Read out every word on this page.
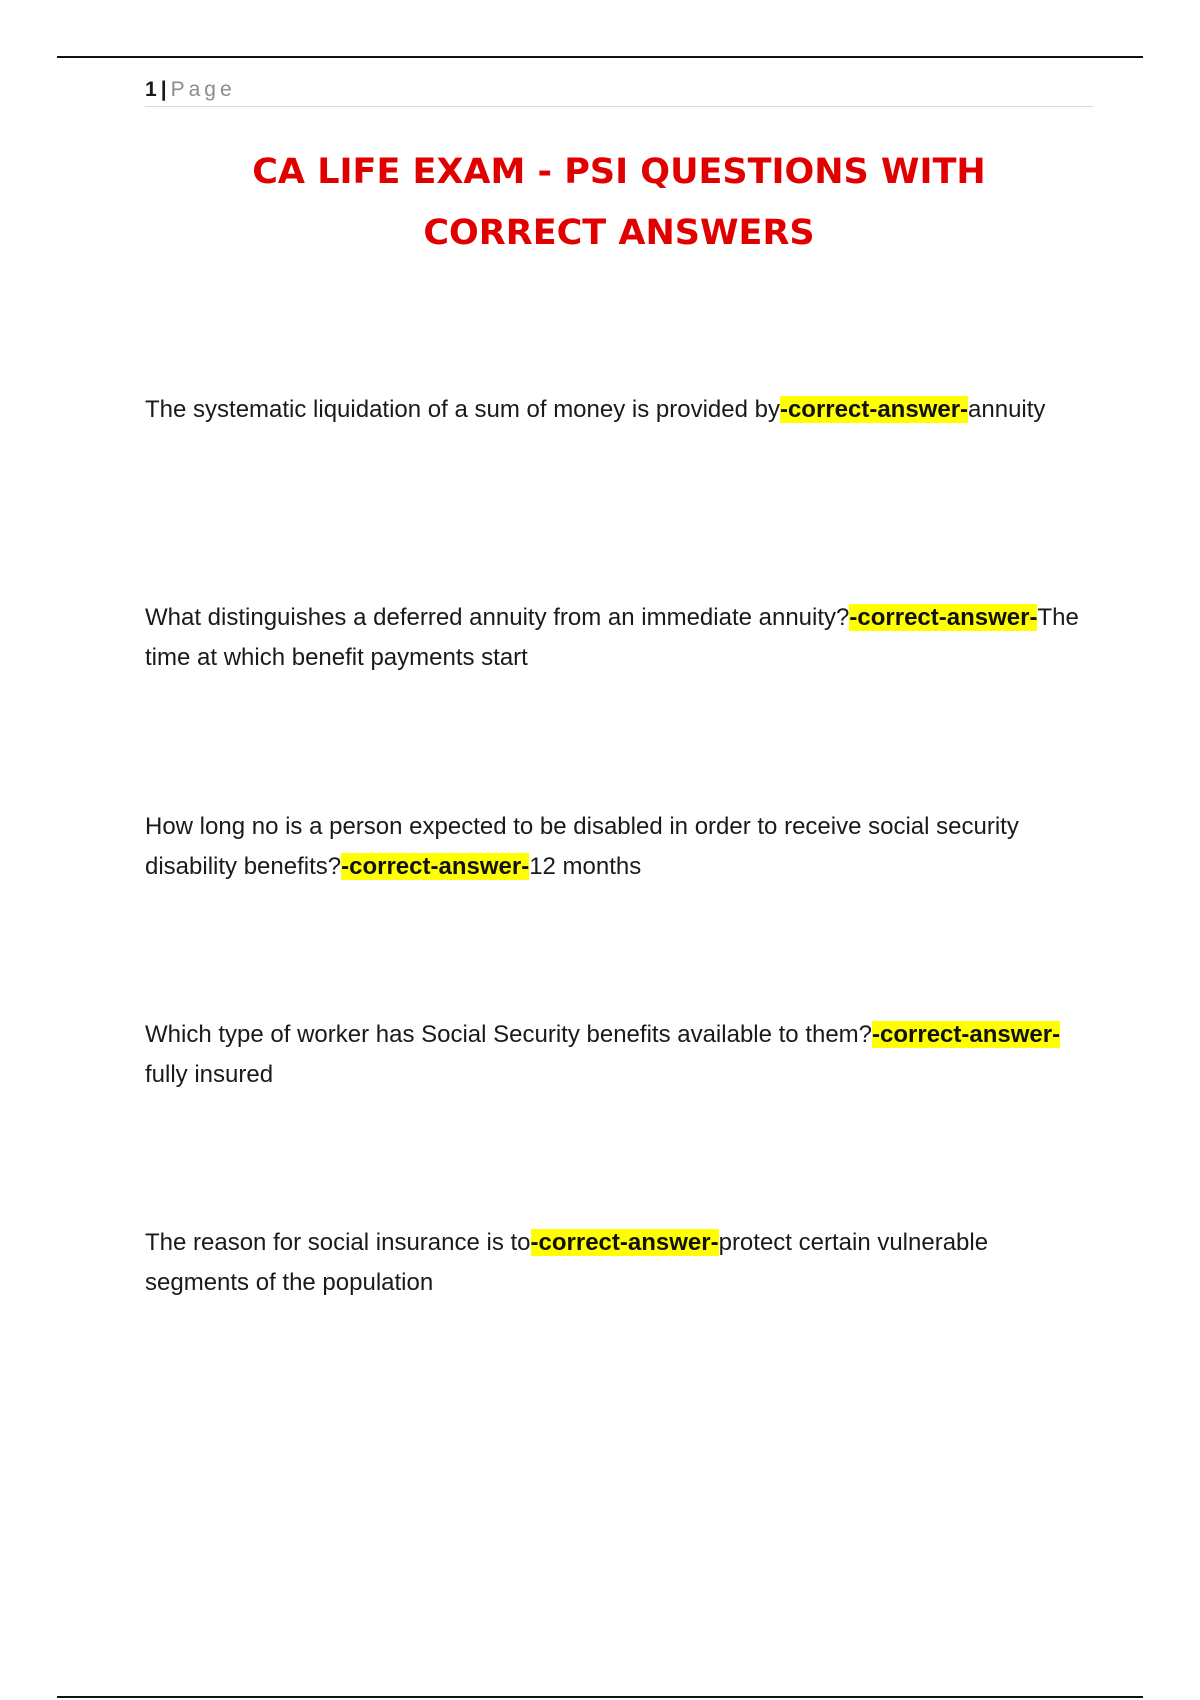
1 | Page
CA LIFE EXAM - PSI QUESTIONS WITH
CORRECT ANSWERS

The systematic liquidation of a sum of money is provided by-correct-answer-annuity

What distinguishes a deferred annuity from an immediate annuity?-correct-answer-The time at which benefit payments start

How long no is a person expected to be disabled in order to receive social security disability benefits?-correct-answer-12 months

Which type of worker has Social Security benefits available to them?-correct-answer-fully insured

The reason for social insurance is to-correct-answer-protect certain vulnerable segments of the population
